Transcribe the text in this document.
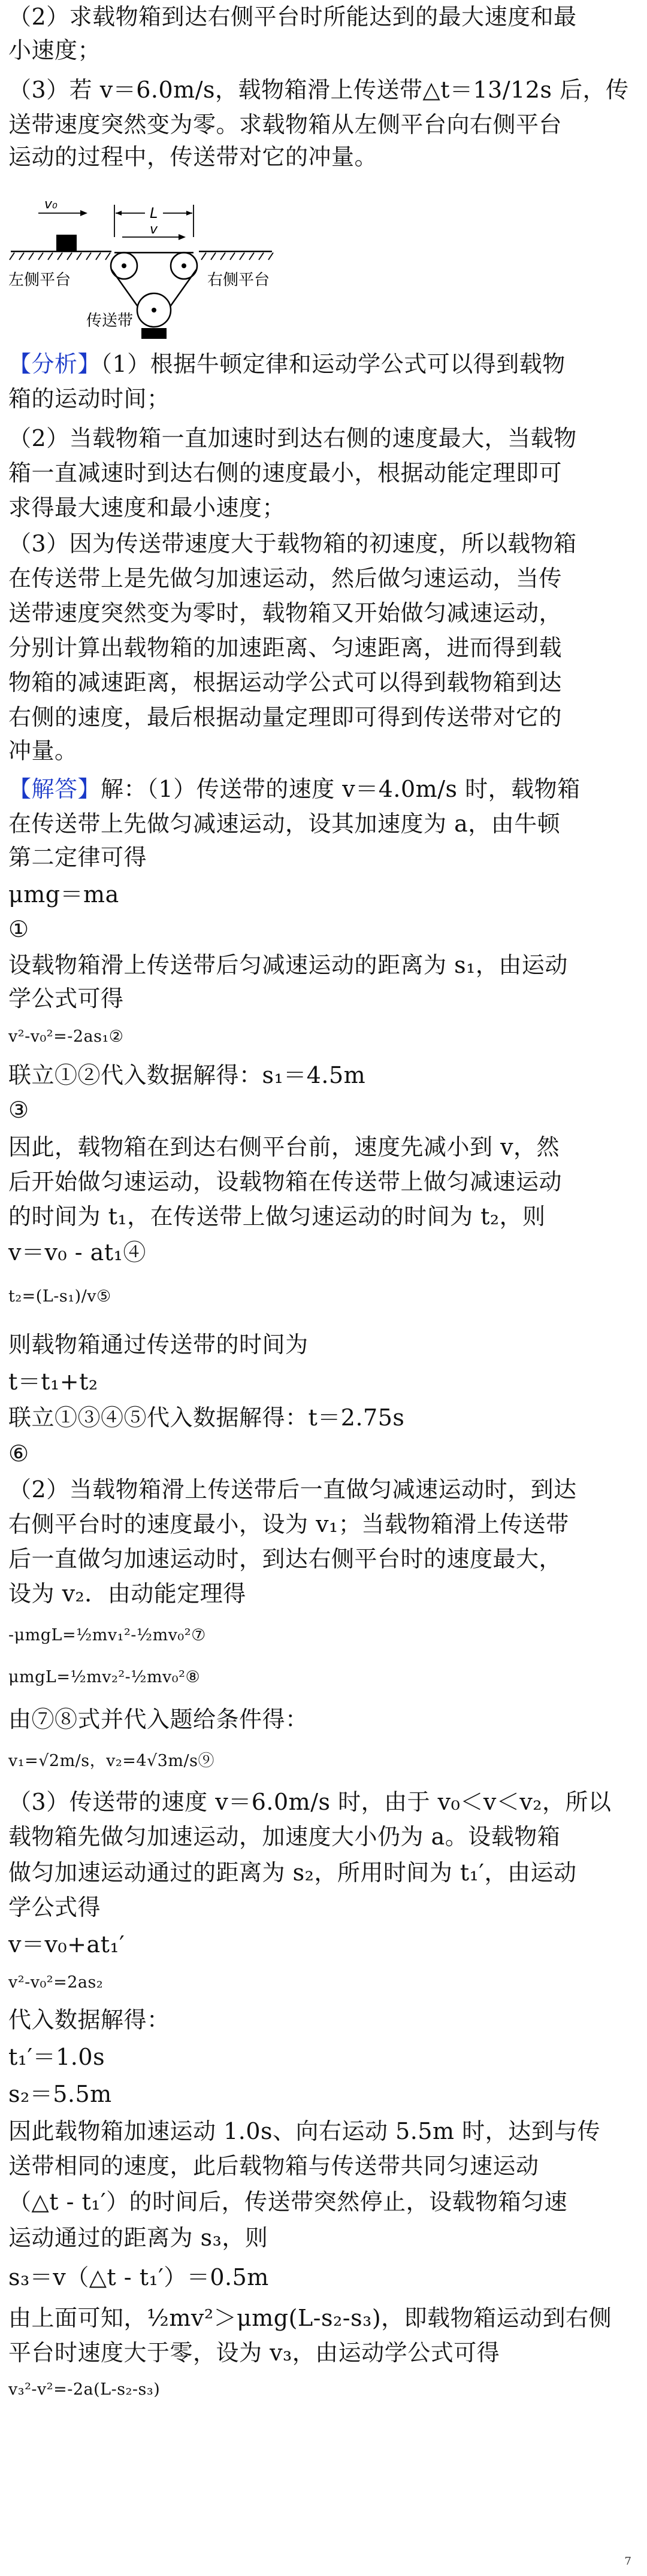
（2）求载物箱到达右侧平台时所能达到的最大速度和最
小速度；
（3）若 v＝6.0m/s，载物箱滑上传送带△t＝13/12s 后，传
送带速度突然变为零。求载物箱从左侧平台向右侧平台
运动的过程中，传送带对它的冲量。
v₀
L
v
左侧平台	右侧平台
传送带
【分析】（1）根据牛顿定律和运动学公式可以得到载物
箱的运动时间；
（2）当载物箱一直加速时到达右侧的速度最大，当载物
箱一直减速时到达右侧的速度最小，根据动能定理即可
求得最大速度和最小速度；
（3）因为传送带速度大于载物箱的初速度，所以载物箱
在传送带上是先做匀加速运动，然后做匀速运动，当传
送带速度突然变为零时，载物箱又开始做匀减速运动，
分别计算出载物箱的加速距离、匀速距离，进而得到载
物箱的减速距离，根据运动学公式可以得到载物箱到达
右侧的速度，最后根据动量定理即可得到传送带对它的
冲量。
【解答】解：（1）传送带的速度 v＝4.0m/s 时，载物箱
在传送带上先做匀减速运动，设其加速度为 a，由牛顿
第二定律可得
μmg＝ma
①
设载物箱滑上传送带后匀减速运动的距离为 s₁，由运动
学公式可得
v²-v₀²=-2as₁②
联立①②代入数据解得：s₁＝4.5m
③
因此，载物箱在到达右侧平台前，速度先减小到 v，然
后开始做匀速运动，设载物箱在传送带上做匀减速运动
的时间为 t₁，在传送带上做匀速运动的时间为 t₂，则
v＝v₀ - at₁④
t₂=(L-s₁)/v⑤
则载物箱通过传送带的时间为
t＝t₁+t₂
联立①③④⑤代入数据解得：t＝2.75s
⑥
（2）当载物箱滑上传送带后一直做匀减速运动时，到达
右侧平台时的速度最小，设为 v₁；当载物箱滑上传送带
后一直做匀加速运动时，到达右侧平台时的速度最大，
设为 v₂．由动能定理得
-μmgL=½mv₁²-½mv₀²⑦
μmgL=½mv₂²-½mv₀²⑧
由⑦⑧式并代入题给条件得：
v₁=√2m/s，v₂=4√3m/s⑨
（3）传送带的速度 v＝6.0m/s 时，由于 v₀＜v＜v₂，所以
载物箱先做匀加速运动，加速度大小仍为 a。设载物箱
做匀加速运动通过的距离为 s₂，所用时间为 t₁′，由运动
学公式得
v＝v₀+at₁′
v²-v₀²=2as₂
代入数据解得：
t₁′＝1.0s
s₂＝5.5m
因此载物箱加速运动 1.0s、向右运动 5.5m 时，达到与传
送带相同的速度，此后载物箱与传送带共同匀速运动
（△t - t₁′）的时间后，传送带突然停止，设载物箱匀速
运动通过的距离为 s₃，则
s₃＝v（△t - t₁′）＝0.5m
由上面可知，½mv²＞μmg(L-s₂-s₃)，即载物箱运动到右侧
平台时速度大于零，设为 v₃，由运动学公式可得
v₃²-v²=-2a(L-s₂-s₃)
7
